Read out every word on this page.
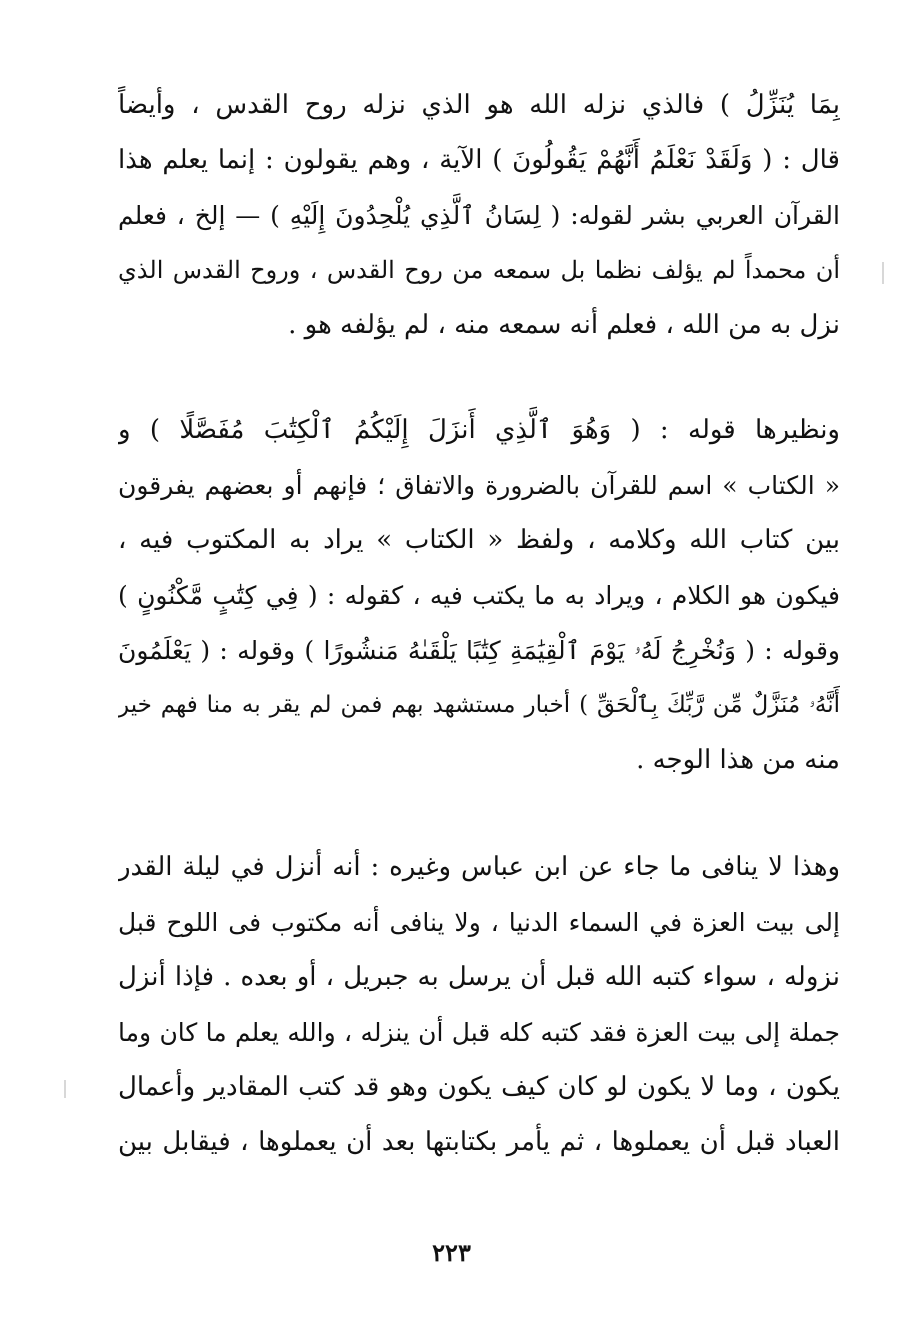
بِمَا يُنَزِّلُ ) فالذي نزله الله هو الذي نزله روح القدس ، وأيضاً
قال : ( وَلَقَدْ نَعْلَمُ أَنَّهُمْ يَقُولُونَ ) الآية ، وهم يقولون : إنما يعلم هذا
القرآن العربي بشر لقوله: ( لِسَانُ ٱلَّذِي يُلْحِدُونَ إِلَيْهِ ) — إلخ ، فعلم
أن محمداً لم يؤلف نظما بل سمعه من روح القدس ، وروح القدس الذي
نزل به من الله ، فعلم أنه سمعه منه ، لم يؤلفه هو .
ونظيرها قوله : ( وَهُوَ ٱلَّذِي أَنزَلَ إِلَيْكُمُ ٱلْكِتَٰبَ مُفَصَّلًا ) و
« الكتاب » اسم للقرآن بالضرورة والاتفاق ؛ فإنهم أو بعضهم يفرقون
بين كتاب الله وكلامه ، ولفظ « الكتاب » يراد به المكتوب فيه ،
فيكون هو الكلام ، ويراد به ما يكتب فيه ، كقوله : ( فِي كِتَٰبٍ مَّكْنُونٍ )
وقوله : ( وَنُخْرِجُ لَهُۥ يَوْمَ ٱلْقِيَٰمَةِ كِتَٰبًا يَلْقَىٰهُ مَنشُورًا ) وقوله : ( يَعْلَمُونَ
أَنَّهُۥ مُنَزَّلٌ مِّن رَّبِّكَ بِٱلْحَقِّ ) أخبار مستشهد بهم فمن لم يقر به منا فهم خير
منه من هذا الوجه .
وهذا لا ينافى ما جاء عن ابن عباس وغيره : أنه أنزل في ليلة القدر
إلى بيت العزة في السماء الدنيا ، ولا ينافى أنه مكتوب فى اللوح قبل
نزوله ، سواء كتبه الله قبل أن يرسل به جبريل ، أو بعده . فإذا أنزل
جملة إلى بيت العزة فقد كتبه كله قبل أن ينزله ، والله يعلم ما كان وما
يكون ، وما لا يكون لو كان كيف يكون وهو قد كتب المقادير وأعمال
العباد قبل أن يعملوها ، ثم يأمر بكتابتها بعد أن يعملوها ، فيقابل بين
٢٢٣
